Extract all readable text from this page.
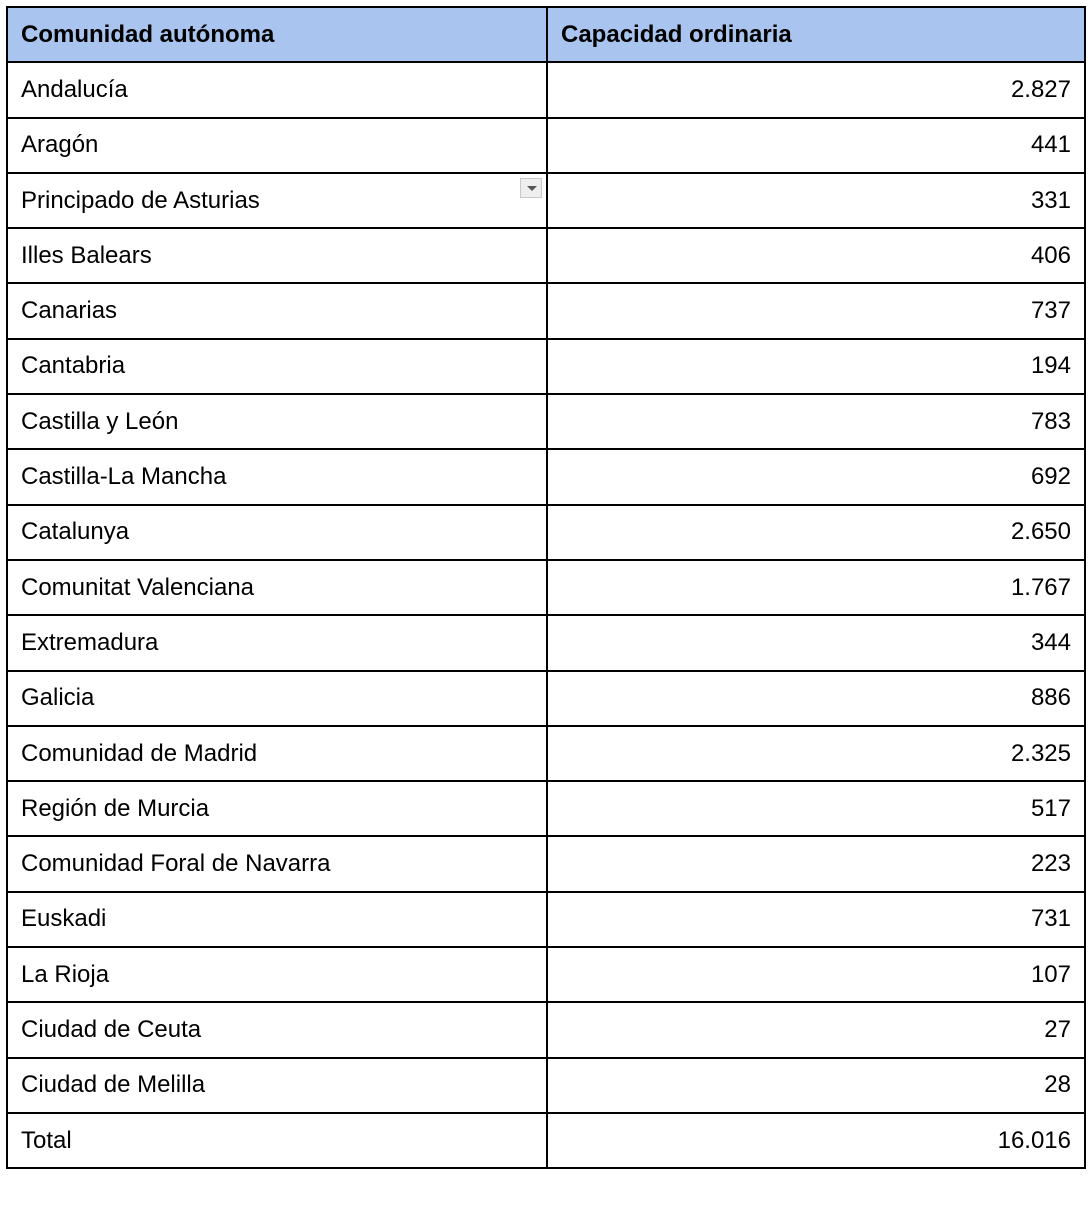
Comunidad autónoma	Capacidad ordinaria
Andalucía	2.827
Aragón	441
Principado de Asturias	331
Illes Balears	406
Canarias	737
Cantabria	194
Castilla y León	783
Castilla-La Mancha	692
Catalunya	2.650
Comunitat Valenciana	1.767
Extremadura	344
Galicia	886
Comunidad de Madrid	2.325
Región de Murcia	517
Comunidad Foral de Navarra	223
Euskadi	731
La Rioja	107
Ciudad de Ceuta	27
Ciudad de Melilla	28
Total	16.016
